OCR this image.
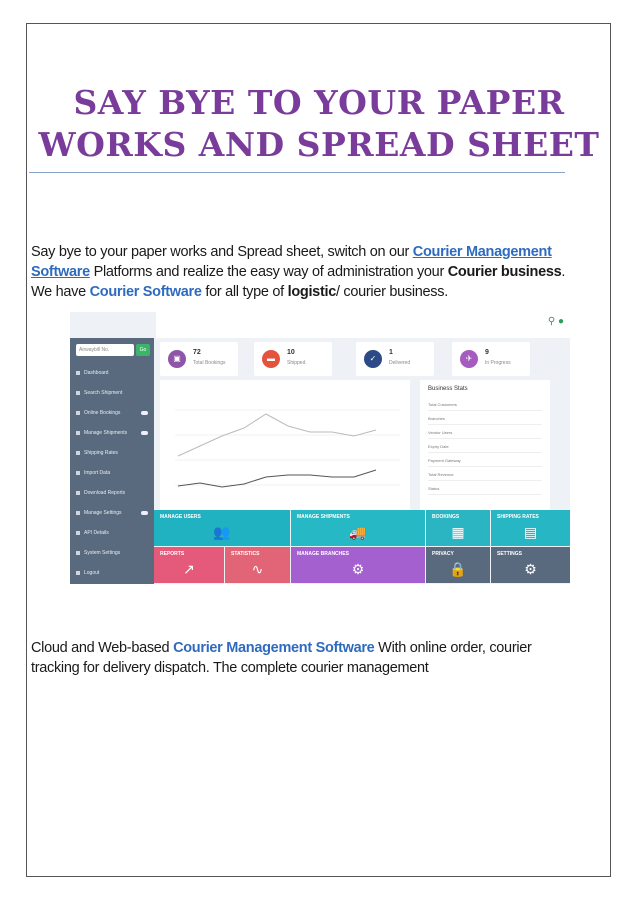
SAY BYE TO YOUR PAPER
WORKS AND SPREAD SHEET
Say bye to your paper works and Spread sheet, switch on our Courier Management Software Platforms and realize the easy way of administration your Courier business. We have Courier Software for all type of logistic/ courier business.
⚲ ●
Airwaybill No.	Go
Dashboard
Search Shipment
Online Bookings
Manage Shipments
Shipping Rates
Import Data
Download Reports
Manage Settings
API Details
System Settings
Logout
▣
72
Total Bookings	▬
10
Shipped	✓
1
Delivered	✈
9
In Progress
Business Stats
Total Customers
Branches
Vendor Users
Expiry Date
Payment Gateway
Total Revenue
Status
MANAGE USERS
👥
MANAGE SHIPMENTS
🚚
BOOKINGS
▦
SHIPPING RATES
▤
REPORTS
↗
STATISTICS
∿
MANAGE BRANCHES
⚙
PRIVACY
🔒
SETTINGS
⚙
Cloud and Web-based Courier Management Software With online order, courier tracking for delivery dispatch. The complete courier management
